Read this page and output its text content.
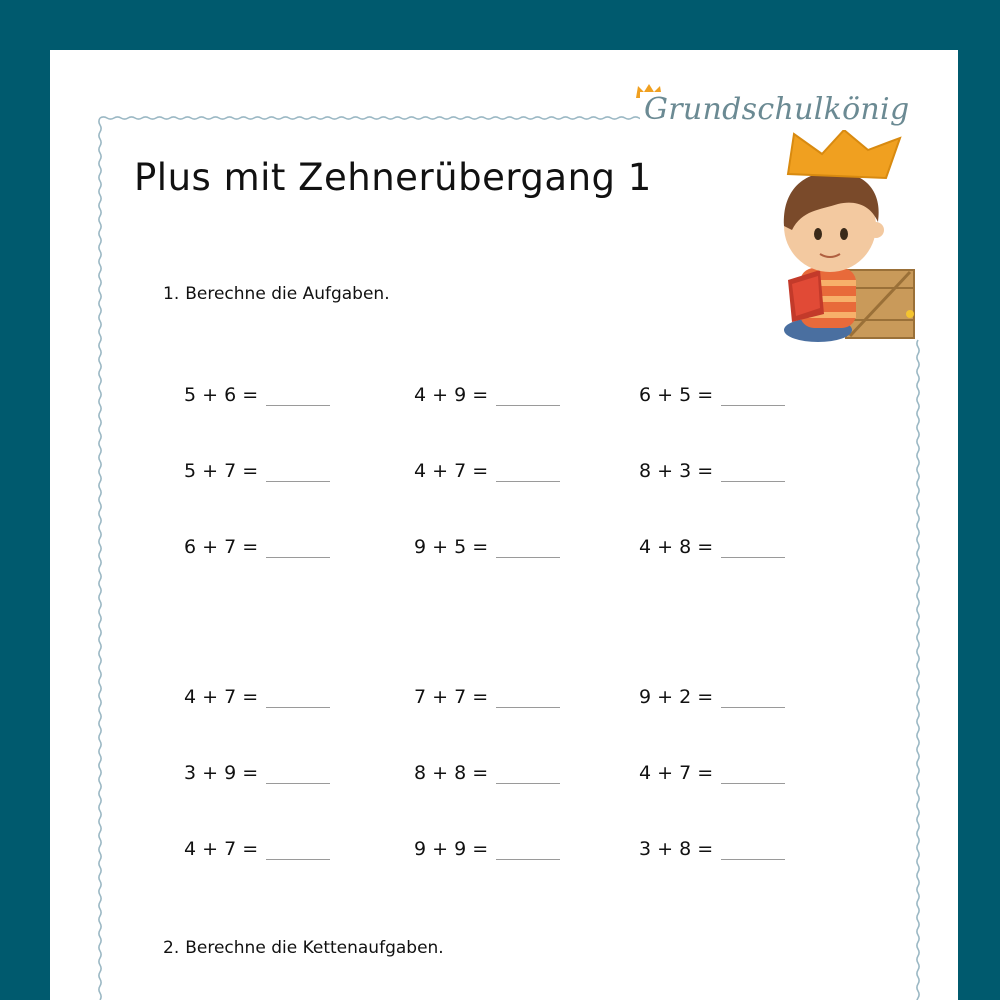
Grundschulkönig
Plus mit Zehnerübergang 1
1. Berechne die Aufgaben.
5 + 6 =	4 + 9 =	6 + 5 =
5 + 7 =	4 + 7 =	8 + 3 =
6 + 7 =	9 + 5 =	4 + 8 =
4 + 7 =	7 + 7 =	9 + 2 =
3 + 9 =	8 + 8 =	4 + 7 =
4 + 7 =	9 + 9 =	3 + 8 =
2. Berechne die Kettenaufgaben.
